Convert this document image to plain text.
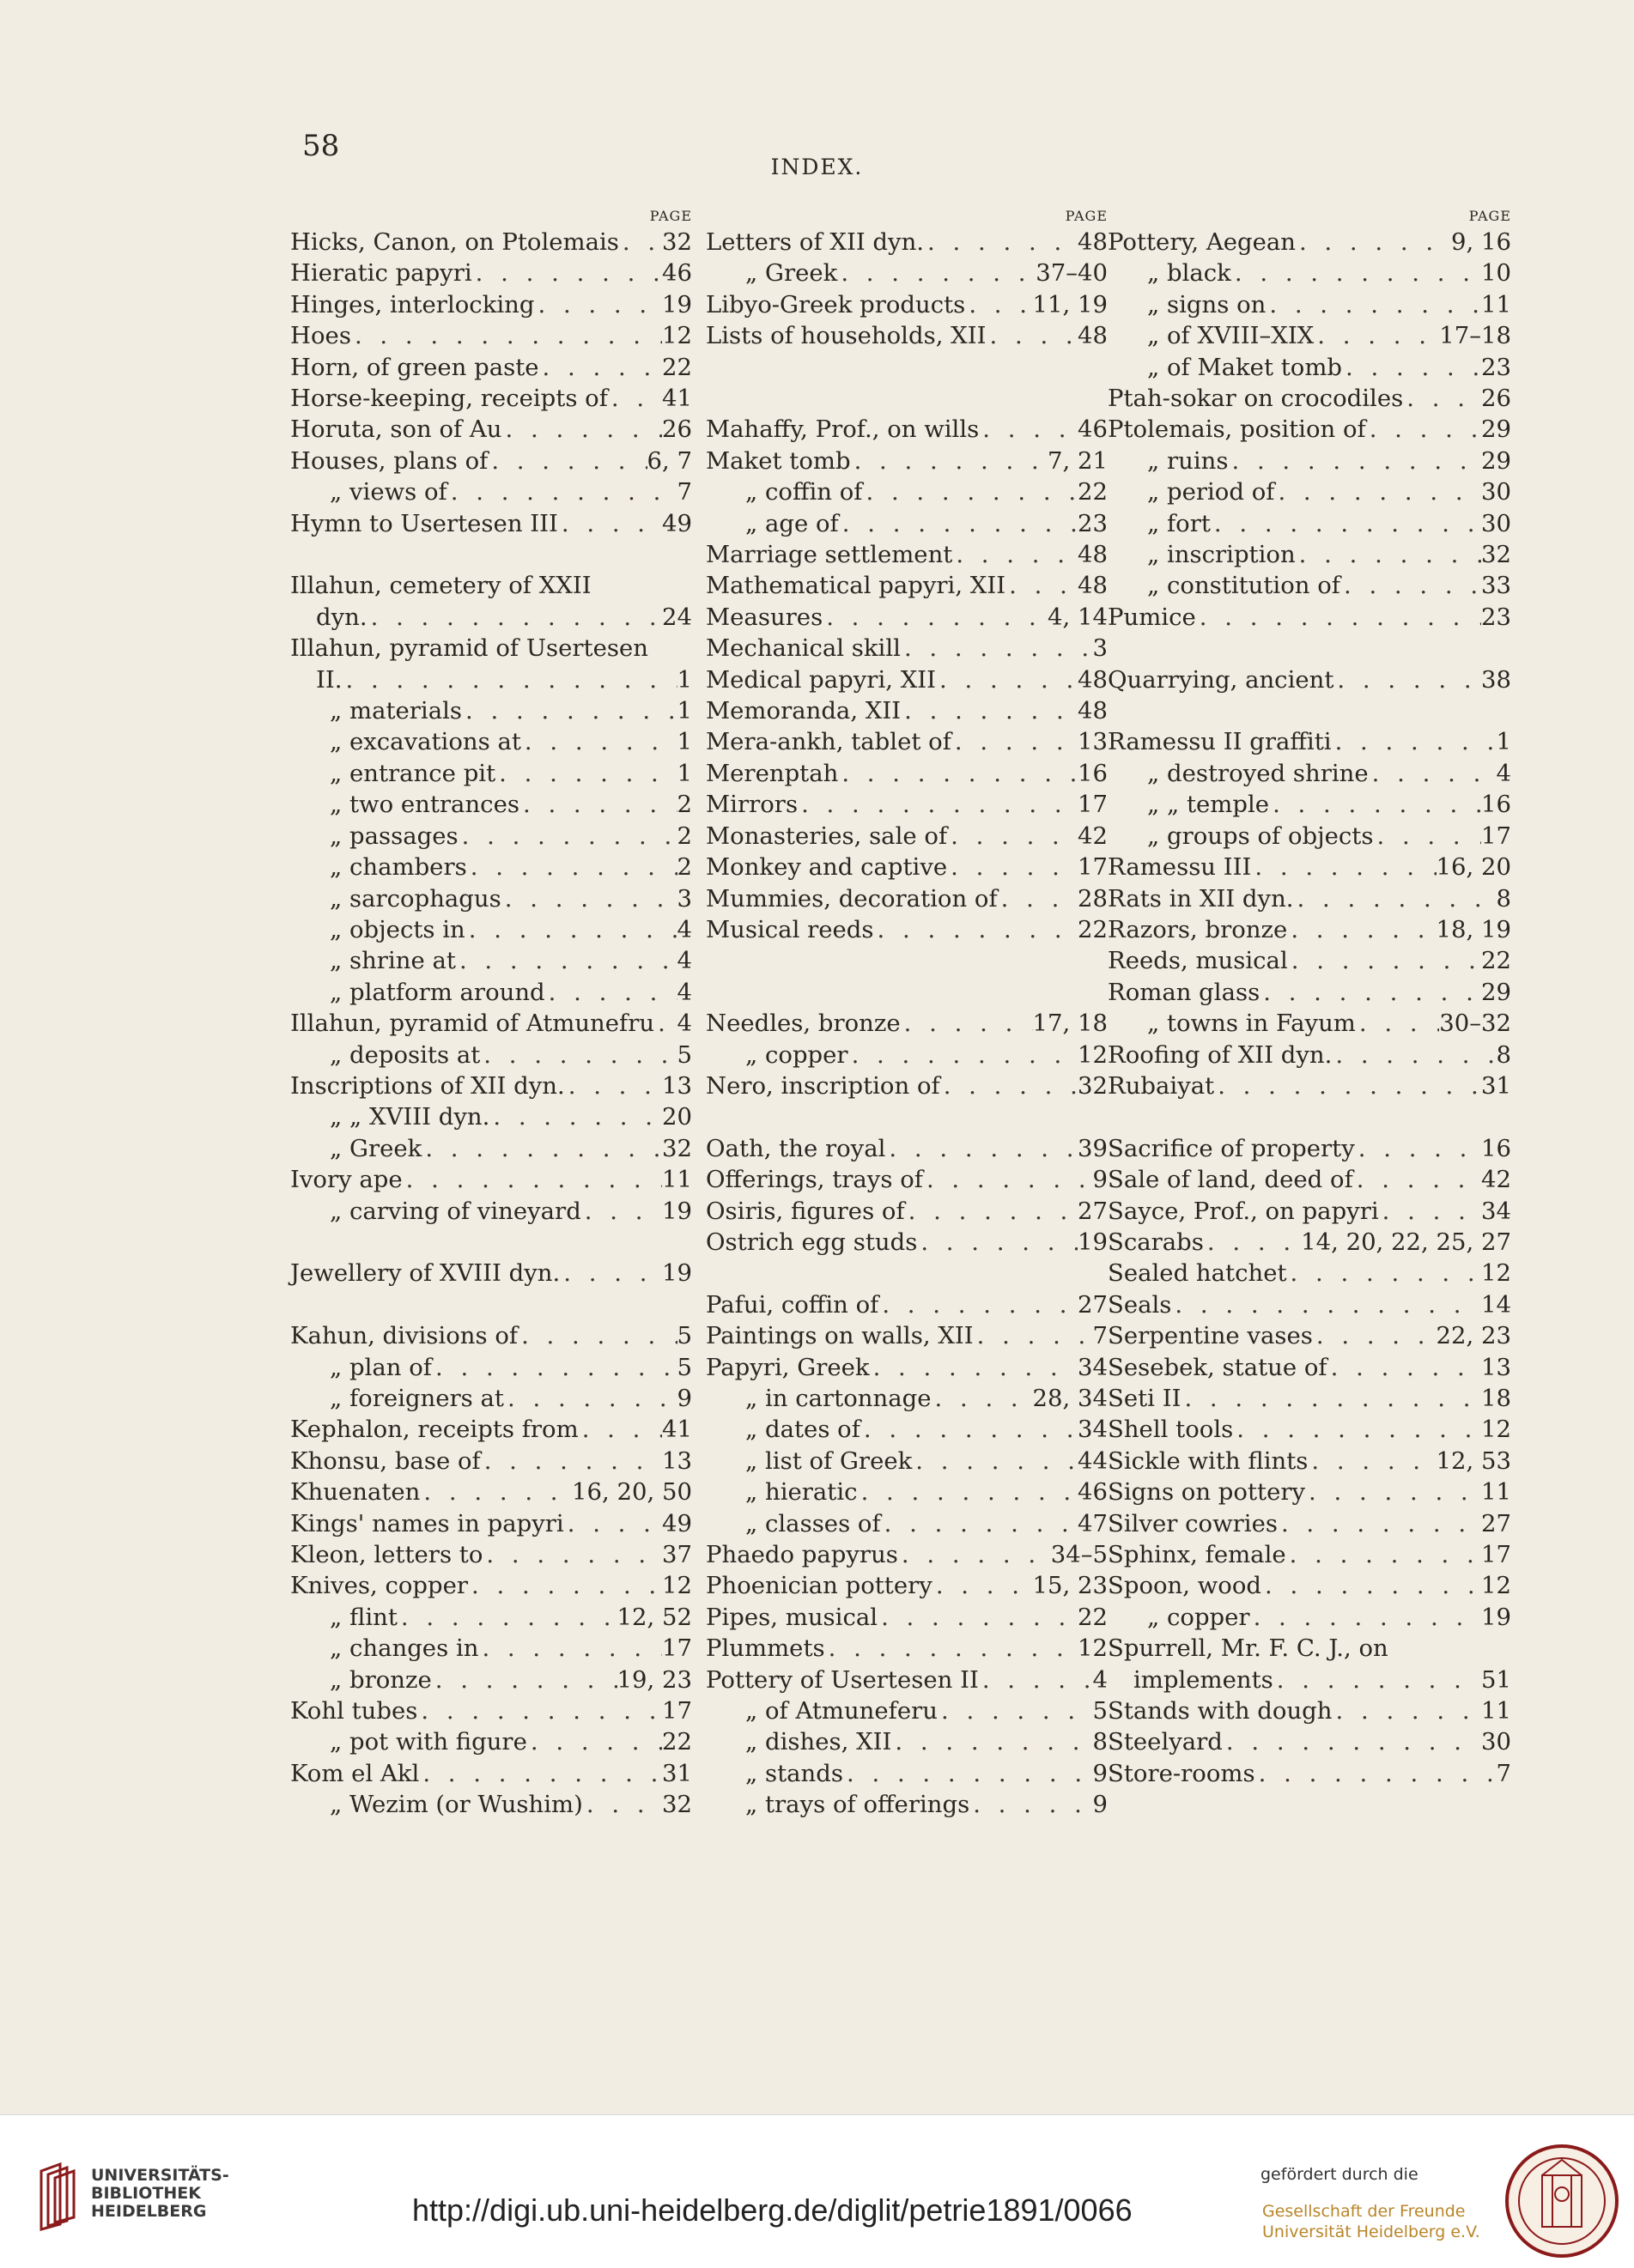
58
INDEX.
PAGE
Hicks, Canon, on Ptolemais . . . 32
Hieratic papyri . . .	46
Hinges, interlocking . . .	19
Hoes . . .	12
Horn, of green paste . . .	22
Horse-keeping, receipts of . . . 41
Horuta, son of Au . . .	26
Houses, plans of . . .	6, 7
„ views of . . .	7
Hymn to Usertesen III . . .	49
Illahun, cemetery of XXII
dyn. . . .	24
Illahun, pyramid of Usertesen
II. . . .	1
„ materials . . .	1
„ excavations at . . .	1
„ entrance pit . . .	1
„ two entrances . . .	2
„ passages . . .	2
„ chambers . . .	2
„ sarcophagus . . .	3
„ objects in . . .	4
„ shrine at . . .	4
„ platform around . . .	4
Illahun, pyramid of Atmunefru . . . 4
„ deposits at . . .	5
Inscriptions of XII dyn. . . .	13
„ „ XVIII dyn. . . .	20
„ Greek . . .	32
Ivory ape . . .	11
„ carving of vineyard . . .	19
Jewellery of XVIII dyn. . . .	19
Kahun, divisions of . . .	5
„ plan of . . .	5
„ foreigners at . . .	9
Kephalon, receipts from . . .	41
Khonsu, base of . . .	13
Khuenaten . . .	16, 20, 50
Kings' names in papyri . . .	49
Kleon, letters to . . .	37
Knives, copper . . .	12
„ flint . . .	12, 52
„ changes in . . .	17
„ bronze . . .	19, 23
Kohl tubes . . .	17
„ pot with figure . . .	22
Kom el Akl . . .	31
„ Wezim (or Wushim) . . .	32
PAGE
Letters of XII dyn. . . .	48
„ Greek . . .	37–40
Libyo-Greek products . . .	11, 19
Lists of households, XII . . .	48
Mahaffy, Prof., on wills . . .	46
Maket tomb . . .	7, 21
„ coffin of . . .	22
„ age of . . .	23
Marriage settlement . . .	48
Mathematical papyri, XII . . .	48
Measures . . .	4, 14
Mechanical skill . . .	3
Medical papyri, XII . . .	48
Memoranda, XII . . .	48
Mera-ankh, tablet of . . .	13
Merenptah . . .	16
Mirrors . . .	17
Monasteries, sale of . . .	42
Monkey and captive . . .	17
Mummies, decoration of . . .	28
Musical reeds . . .	22
Needles, bronze . . .	17, 18
„ copper . . .	12
Nero, inscription of . . .	32
Oath, the royal . . .	39
Offerings, trays of . . .	9
Osiris, figures of . . .	27
Ostrich egg studs . . .	19
Pafui, coffin of . . .	27
Paintings on walls, XII . . .	7
Papyri, Greek . . .	34
„ in cartonnage . . .	28, 34
„ dates of . . .	34
„ list of Greek . . .	44
„ hieratic . . .	46
„ classes of . . .	47
Phaedo papyrus . . .	34–5
Phoenician pottery . . .	15, 23
Pipes, musical . . .	22
Plummets . . .	12
Pottery of Usertesen II . . .	4
„ of Atmuneferu . . .	5
„ dishes, XII . . .	8
„ stands . . .	9
„ trays of offerings . . .	9
PAGE
Pottery, Aegean . . .	9, 16
„ black . . .	10
„ signs on . . .	11
„ of XVIII–XIX . . .	17–18
„ of Maket tomb . . .	23
Ptah-sokar on crocodiles . . .	26
Ptolemais, position of . . .	29
„ ruins . . .	29
„ period of . . .	30
„ fort . . .	30
„ inscription . . .	32
„ constitution of . . .	33
Pumice . . .	23
Quarrying, ancient . . .	38
Ramessu II graffiti . . .	1
„ destroyed shrine . . .	4
„ „ temple . . .	16
„ groups of objects . . .	17
Ramessu III . . .	16, 20
Rats in XII dyn. . . .	8
Razors, bronze . . .	18, 19
Reeds, musical . . .	22
Roman glass . . .	29
„ towns in Fayum . . .	30–32
Roofing of XII dyn. . . .	8
Rubaiyat . . .	31
Sacrifice of property . . .	16
Sale of land, deed of . . .	42
Sayce, Prof., on papyri . . .	34
Scarabs . . .	14, 20, 22, 25, 27
Sealed hatchet . . .	12
Seals . . .	14
Serpentine vases . . .	22, 23
Sesebek, statue of . . .	13
Seti II . . .	18
Shell tools . . .	12
Sickle with flints . . .	12, 53
Signs on pottery . . .	11
Silver cowries . . .	27
Sphinx, female . . .	17
Spoon, wood . . .	12
„ copper . . .	19
Spurrell, Mr. F. C. J., on
implements . . .	51
Stands with dough . . .	11
Steelyard . . .	30
Store-rooms . . .	7
UNIVERSITÄTS-
BIBLIOTHEK
HEIDELBERG	http://digi.ub.uni-heidelberg.de/diglit/petrie1891/0066
gefördert durch die
Gesellschaft der Freunde
Universität Heidelberg e.V.
